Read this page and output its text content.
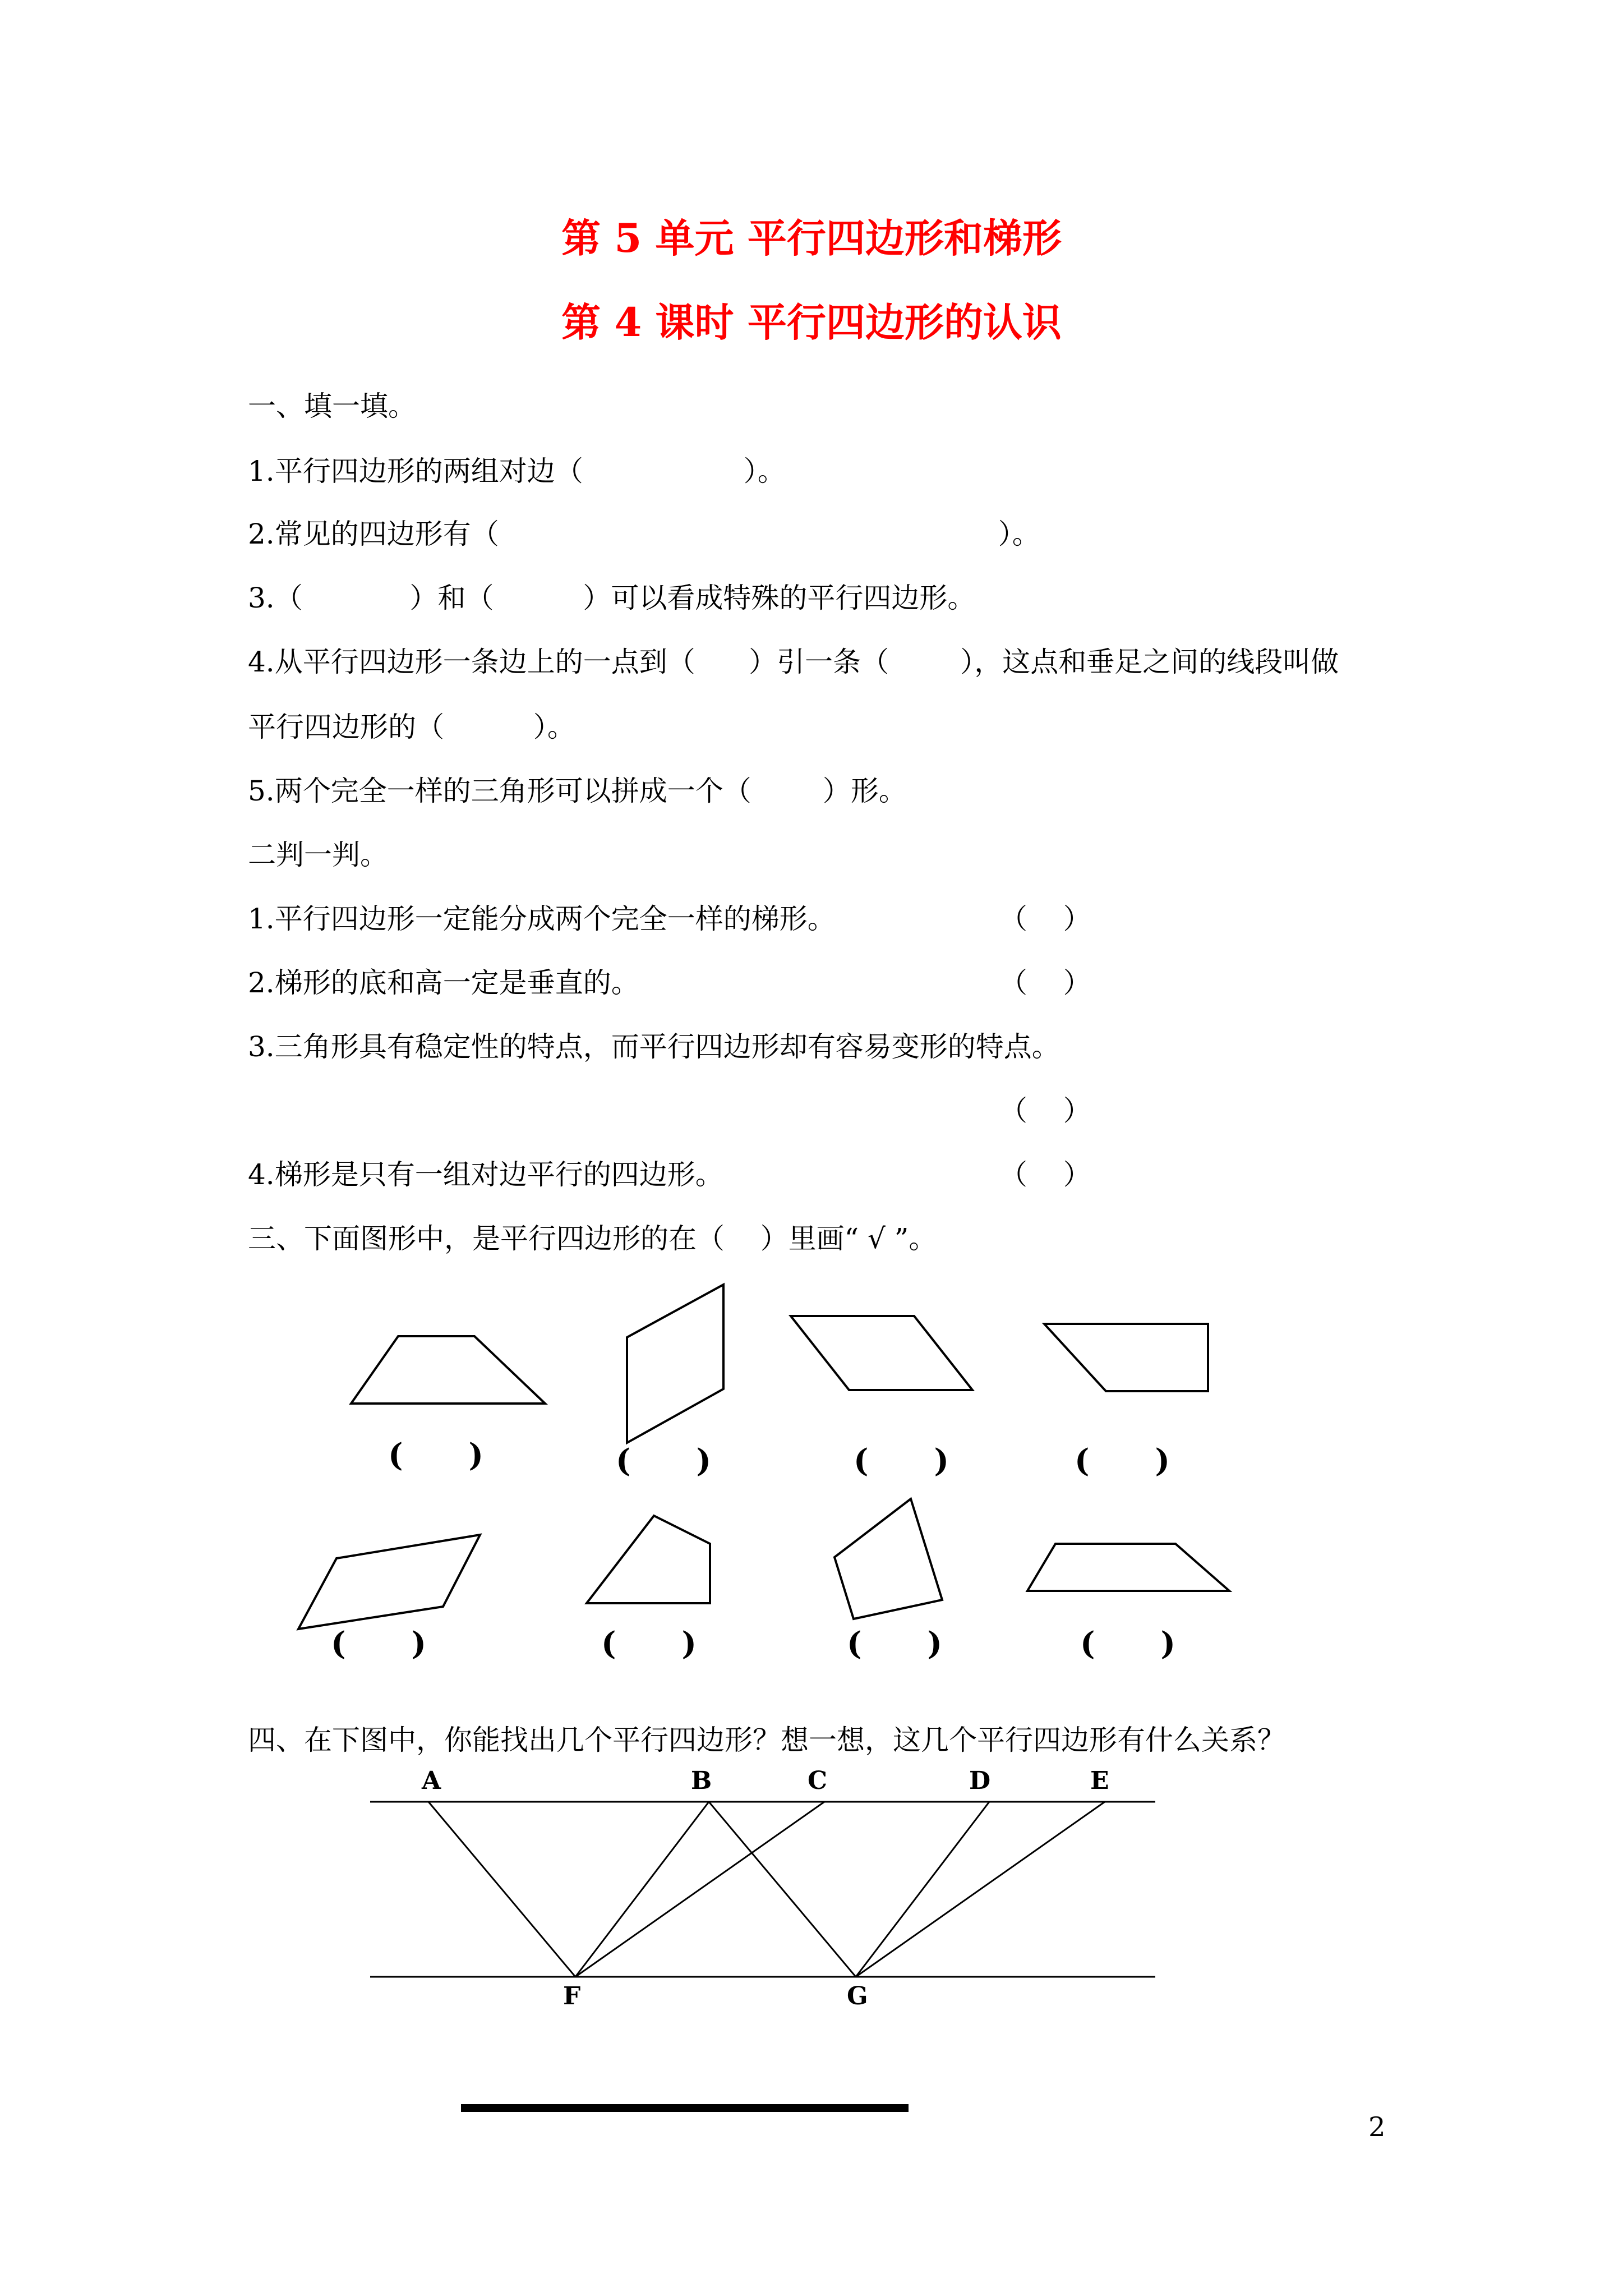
第 5 单元 平行四边形和梯形
第 4 课时 平行四边形的认识
一、填一填。
1.平行四边形的两组对边（                  ）。
2.常见的四边形有（                                                        ）。
3.（            ）和（          ）可以看成特殊的平行四边形。
4.从平行四边形一条边上的一点到（      ）引一条（        ），这点和垂足之间的线段叫做
平行四边形的（          ）。
5.两个完全一样的三角形可以拼成一个（        ）形。
二判一判。
1.平行四边形一定能分成两个完全一样的梯形。	（    ）
2.梯形的底和高一定是垂直的。	（    ）
3.三角形具有稳定性的特点，而平行四边形却有容易变形的特点。
（    ）
4.梯形是只有一组对边平行的四边形。	（    ）
三、下面图形中，是平行四边形的在（    ）里画“ √ ”。
(      )	(      )	(      )	(      )
(      )	(      )	(      )	(      )
四、在下图中，你能找出几个平行四边形？想一想，这几个平行四边形有什么关系？
A	B	C	D	E
F	G
2
